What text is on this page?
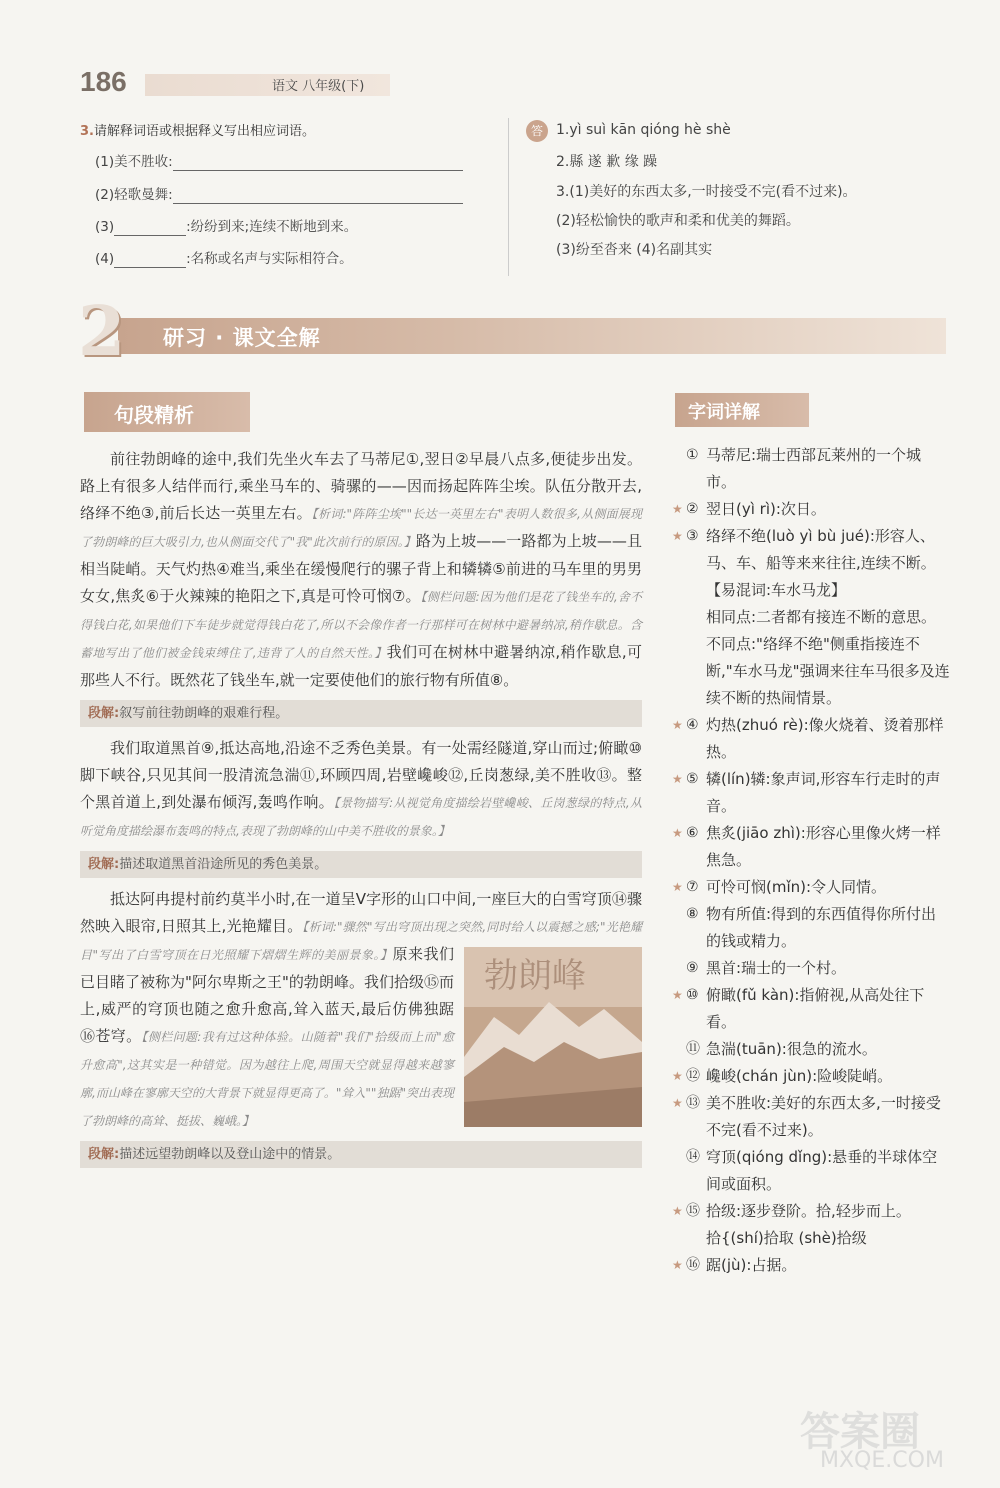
186	语文 八年级(下)
3.请解释词语或根据释义写出相应词语。
(1)美不胜收:
(2)轻歌曼舞:
(3)	:纷纷到来;连续不断地到来。
(4)	:名称或名声与实际相符合。
答 1.yì suì kān qióng hè shè
2.縣 遂 歉 缘 躁
3.(1)美好的东西太多,一时接受不完(看不过来)。
(2)轻松愉快的歌声和柔和优美的舞蹈。
(3)纷至沓来 (4)名副其实
2 研习 · 课文全解
句段精析	字词详解

前往勃朗峰的途中,我们先坐火车去了马蒂尼①,翌日②早晨八点多,便徒步出发。路上有很多人结伴而行,乘坐马车的、骑骡的——因而扬起阵阵尘埃。队伍分散开去,络绎不绝③,前后长达一英里左右。【析词:"阵阵尘埃""长达一英里左右"表明人数很多,从侧面展现了勃朗峰的巨大吸引力,也从侧面交代了"我"此次前行的原因。】路为上坡——一路都为上坡——且相当陡峭。天气灼热④难当,乘坐在缓慢爬行的骡子背上和辚辚⑤前进的马车里的男男女女,焦炙⑥于火辣辣的艳阳之下,真是可怜可悯⑦。【侧栏问题:因为他们是花了钱坐车的,舍不得钱白花,如果他们下车徒步就觉得钱白花了,所以不会像作者一行那样可在树林中避暑纳凉,稍作歇息。含蓄地写出了他们被金钱束缚住了,违背了人的自然天性。】我们可在树林中避暑纳凉,稍作歇息,可那些人不行。既然花了钱坐车,就一定要使他们的旅行物有所值⑧。

段解:叙写前往勃朗峰的艰难行程。

我们取道黑首⑨,抵达高地,沿途不乏秀色美景。有一处需经隧道,穿山而过;俯瞰⑩脚下峡谷,只见其间一股清流急湍⑪,环顾四周,岩壁巉峻⑫,丘岗葱绿,美不胜收⑬。整个黑首道上,到处瀑布倾泻,轰鸣作响。【景物描写:从视觉角度描绘岩壁巉峻、丘岗葱绿的特点,从听觉角度描绘瀑布轰鸣的特点,表现了勃朗峰的山中美不胜收的景象。】

段解:描述取道黑首沿途所见的秀色美景。

抵达阿冉提村前约莫半小时,在一道呈V字形的山口中间,一座巨大的白雪穹顶⑭骤然映入眼帘,日照其上,光艳耀目。【析词:"骤然"写出穹顶出现之突然,同时给人以震撼之感;"光艳耀目"写出了白雪穹顶在日光照耀下熠熠生辉的美丽景象。】
勃朗峰
原来我们已目睹了被称为"阿尔卑斯之王"的勃朗峰。我们拾级⑮而上,威严的穹顶也随之愈升愈高,耸入蓝天,最后仿佛独踞⑯苍穹。【侧栏问题:我有过这种体验。山随着"我们"拾级而上而"愈升愈高",这其实是一种错觉。因为越往上爬,周围天空就显得越来越寥廓,而山峰在寥廓天空的大背景下就显得更高了。"耸入""独踞"突出表现了勃朗峰的高耸、挺拔、巍峨。】

段解:描述远望勃朗峰以及登山途中的情景。

① 马蒂尼:瑞士西部瓦莱州的一个城市。

★ ② 翌日(yì rì):次日。

★ ③ 络绎不绝(luò yì bù jué):形容人、马、车、船等来来往往,连续不断。

【易混词:车水马龙】

相同点:二者都有接连不断的意思。

不同点:"络绎不绝"侧重指接连不断,"车水马龙"强调来往车马很多及连续不断的热闹情景。

★ ④ 灼热(zhuó rè):像火烧着、烫着那样热。

★ ⑤ 辚(lín)辚:象声词,形容车行走时的声音。

★ ⑥ 焦炙(jiāo zhì):形容心里像火烤一样焦急。

★ ⑦ 可怜可悯(mǐn):令人同情。

⑧ 物有所值:得到的东西值得你所付出的钱或精力。

⑨ 黑首:瑞士的一个村。

★ ⑩ 俯瞰(fǔ kàn):指俯视,从高处往下看。

⑪ 急湍(tuān):很急的流水。

★ ⑫ 巉峻(chán jùn):险峻陡峭。

★ ⑬ 美不胜收:美好的东西太多,一时接受不完(看不过来)。

⑭ 穹顶(qióng dǐng):悬垂的半球体空间或面积。

★ ⑮ 拾级:逐步登阶。拾,轻步而上。

拾{(shí)拾取 (shè)拾级

★ ⑯ 踞(jù):占据。

答案圈
MXQE.COM
